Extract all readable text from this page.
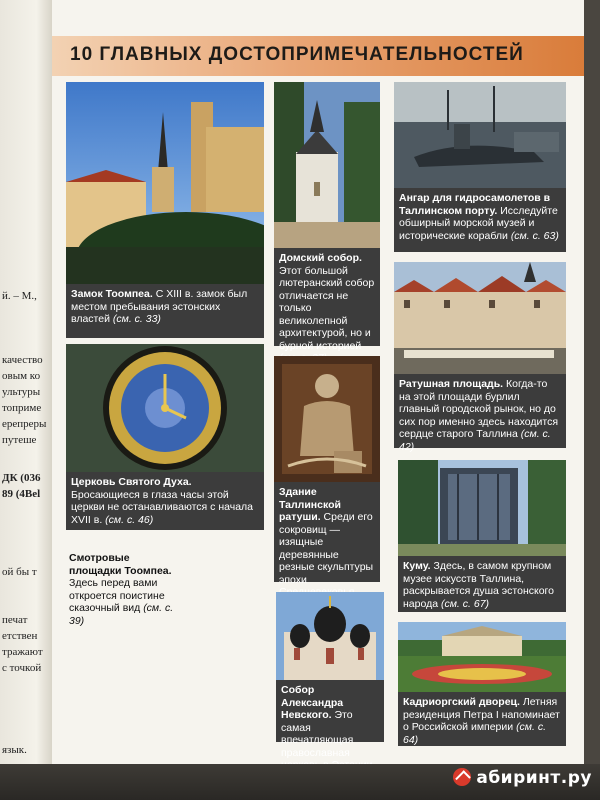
й. – М.,
качество
овым ко
ультуры
топриме
ерепреры
путеше
ДК (036
89 (4Bel
ой бы т
печат
етствен
тражают
с точкой
язык.
10 ГЛАВНЫХ ДОСТОПРИМЕЧАТЕЛЬНОСТЕЙ
Замок Тоомпеа. С XIII в. замок был местом пребывания эстонских властей (см. с. 33)
Домский собор. Этот большой лютеранский собор отличается не только великолепной архитектурой, но и бурной историей
Ангар для гидросамолетов в Таллинском порту. Исследуйте обширный морской музей и исторические корабли (см. с. 63)
Ратушная площадь. Когда-то на этой площади бурлил главный городской рынок, но до сих пор именно здесь находится сердце старого Таллина (см. с. 42)
Церковь Святого Духа. Бросающиеся в глаза часы этой церкви не останавливаются с начала XVII в. (см. с. 46)
Здание Таллинской ратуши. Среди его сокровищ — изящные деревянные резные скульптуры эпохи
Куму. Здесь, в самом крупном музее искусств Таллина, раскрывается душа эстонского народа (см. с. 67)
Смотровые площадки Тоомпеа. Здесь перед вами откроется поистине сказочный вид (см. с. 39)
Собор Александра Невского. Это самая впечатляющая православная
Кадриоргский дворец. Летняя резиденция Петра I напоминает о Российской империи (см. с. 64)
абиринт.ру
